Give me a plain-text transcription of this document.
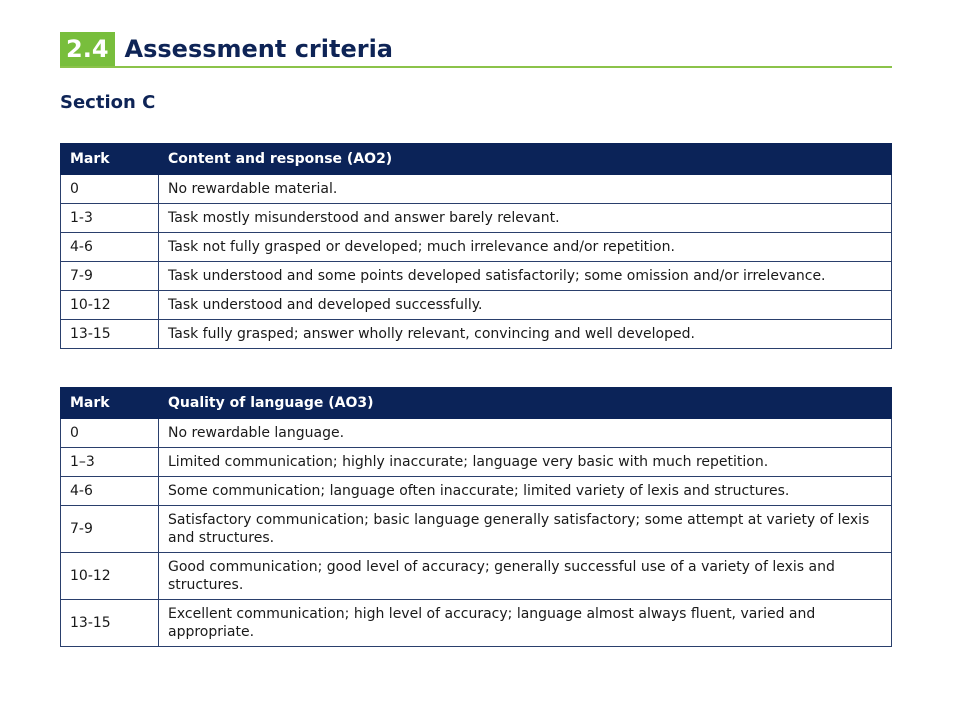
2.4 Assessment criteria
Section C
Mark	Content and response (AO2)
0	No rewardable material.
1-3	Task mostly misunderstood and answer barely relevant.
4-6	Task not fully grasped or developed; much irrelevance and/or repetition.
7-9	Task understood and some points developed satisfactorily; some omission and/or irrelevance.
10-12	Task understood and developed successfully.
13-15	Task fully grasped; answer wholly relevant, convincing and well developed.
Mark	Quality of language (AO3)
0	No rewardable language.
1–3	Limited communication; highly inaccurate; language very basic with much repetition.
4-6	Some communication; language often inaccurate; limited variety of lexis and structures.
7-9	Satisfactory communication; basic language generally satisfactory; some attempt at variety of lexis and structures.
10-12	Good communication; good level of accuracy; generally successful use of a variety of lexis and structures.
13-15	Excellent communication; high level of accuracy; language almost always fluent, varied and appropriate.
